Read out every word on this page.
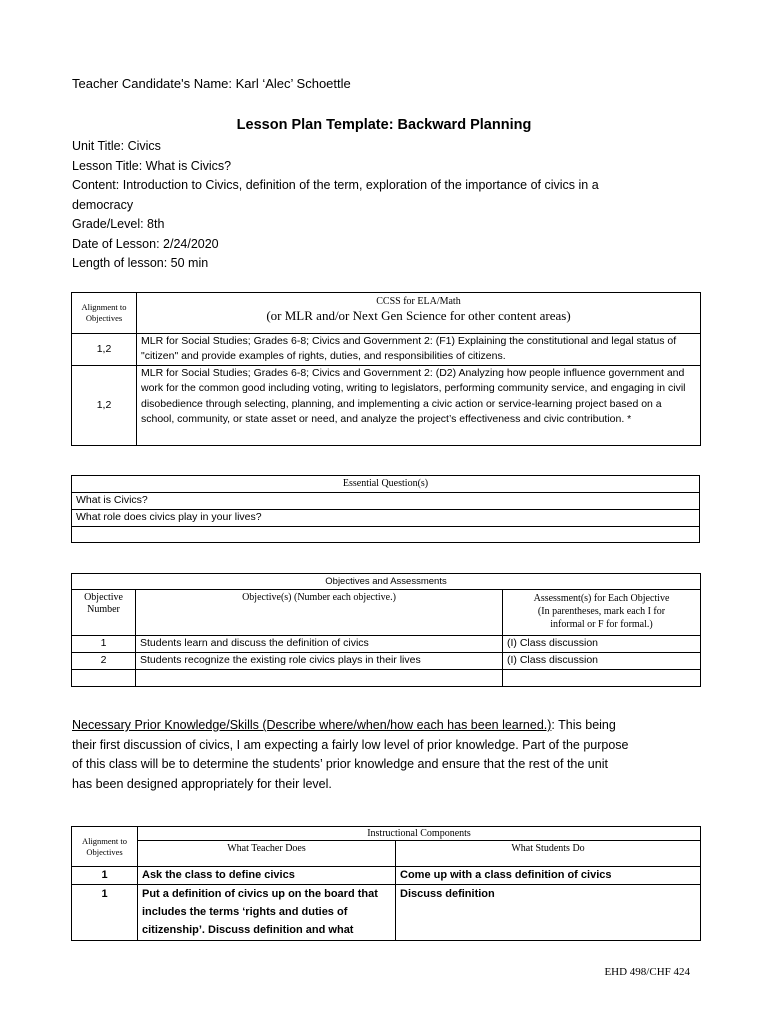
Teacher Candidate's Name: Karl ‘Alec’ Schoettle
Lesson Plan Template: Backward Planning
Unit Title: Civics
Lesson Title: What is Civics?
Content: Introduction to Civics, definition of the term, exploration of the importance of civics in a
democracy
Grade/Level: 8th
Date of Lesson: 2/24/2020
Length of lesson: 50 min
Alignment to Objectives	CCSS for ELA/Math
(or MLR and/or Next Gen Science for other content areas)

1,2	MLR for Social Studies; Grades 6-8; Civics and Government 2: (F1) Explaining the constitutional and legal status of "citizen" and provide examples of rights, duties, and responsibilities of citizens.
1,2	MLR for Social Studies; Grades 6-8; Civics and Government 2: (D2) Analyzing how people influence government and work for the common good including voting, writing to legislators, performing community service, and engaging in civil disobedience through selecting, planning, and implementing a civic action or service-learning project based on a school, community, or state asset or need, and analyze the project’s effectiveness and civic contribution. *
Essential Question(s)
What is Civics?
What role does civics play in your lives?

Objectives and Assessments		
Objective Number	Objective(s) (Number each objective.)	Assessment(s) for Each Objective
(In parentheses, mark each I for
informal or F for formal.)

1	Students learn and discuss the definition of civics	(I) Class discussion
2	Students recognize the existing role civics plays in their lives	(I) Class discussion

Necessary Prior Knowledge/Skills (Describe where/when/how each has been learned.): This being
their first discussion of civics, I am expecting a fairly low level of prior knowledge. Part of the purpose
of this class will be to determine the students’ prior knowledge and ensure that the rest of the unit
has been designed appropriately for their level.
Alignment to Objectives	Instructional Components	
	What Teacher Does	What Students Do
1	Ask the class to define civics	Come up with a class definition of civics
1	Put a definition of civics up on the board that includes the terms ‘rights and duties of citizenship’. Discuss definition and what	Discuss definition
EHD 498/CHF 424
